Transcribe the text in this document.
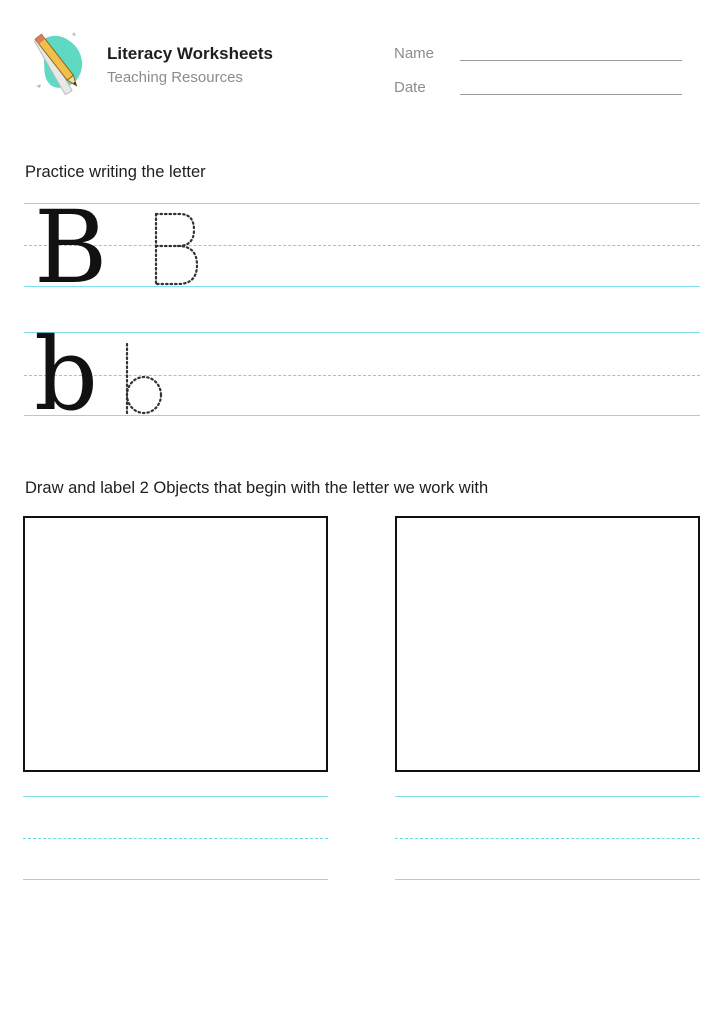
Literacy Worksheets
Teaching Resources
Name
Date
Practice writing the letter
B
b
Draw and label 2 Objects that begin with the letter we work with
